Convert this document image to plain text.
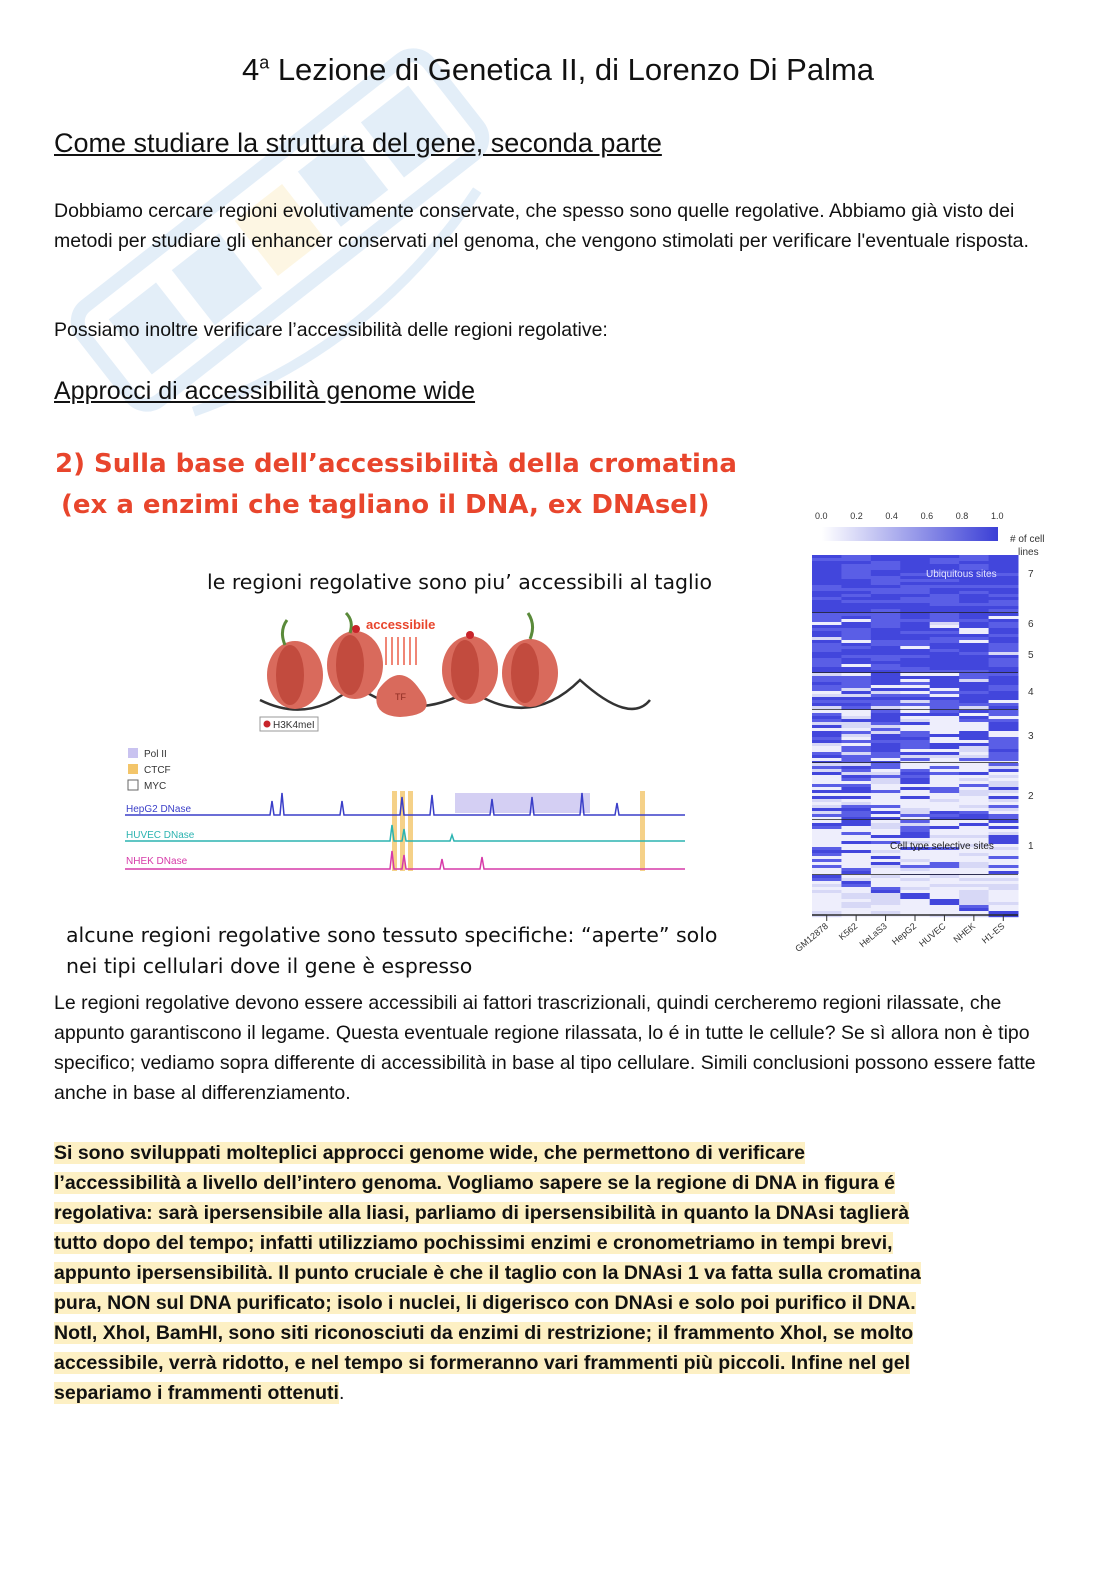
4$^a$ Lezione di Genetica II, di Lorenzo Di Palma
Come studiare la struttura del gene, seconda parte
Dobbiamo cercare regioni evolutivamente conservate, che spesso sono quelle regolative. Abbiamo già visto dei metodi per studiare gli enhancer conservati nel genoma, che vengono stimolati per verificare l'eventuale risposta.
Possiamo inoltre verificare l’accessibilità delle regioni regolative:
Approcci di accessibilità genome wide
2) Sulla base dell’accessibilità della cromatina
(ex a enzimi che tagliano il DNA, ex DNAseI)
le regioni regolative sono piu’ accessibili al taglio
TF
accessibile
H3K4meI
Pol II
CTCF
MYC
HepG2 DNase
HUVEC DNase
NHEK DNase
alcune regioni regolative sono tessuto specifiche: “aperte” solo
nei tipi cellulari dove il gene è espresso
0.0	0.2	0.4	0.6	0.8	1.0
# of cell
lines
Ubiquitous sites
Cell type selective sites
7
6
5
4
3
2
1
GM12878 K562
HeLaS3 HepG2
HUVEC NHEK H1-ES
Le regioni regolative devono essere accessibili ai fattori trascrizionali, quindi cercheremo regioni rilassate, che appunto garantiscono il legame. Questa eventuale regione rilassata, lo é in tutte le cellule? Se sì allora non è tipo specifico; vediamo sopra differente di accessibilità in base al tipo cellulare. Simili conclusioni possono essere fatte anche in base al differenziamento.
Si sono sviluppati molteplici approcci genome wide, che permettono di verificare
l’accessibilità a livello dell’intero genoma. Vogliamo sapere se la regione di DNA in figura é
regolativa: sarà ipersensibile alla liasi, parliamo di ipersensibilità in quanto la DNAsi taglierà
tutto dopo del tempo; infatti utilizziamo pochissimi enzimi e cronometriamo in tempi brevi,
appunto ipersensibilità. Il punto cruciale è che il taglio con la DNAsi 1 va fatta sulla cromatina
pura, NON sul DNA purificato; isolo i nuclei, li digerisco con DNAsi e solo poi purifico il DNA.
NotI, XhoI, BamHI, sono siti riconosciuti da enzimi di restrizione; il frammento XhoI, se molto
accessibile, verrà ridotto, e nel tempo si formeranno vari frammenti più piccoli. Infine nel gel
separiamo i frammenti ottenuti.
